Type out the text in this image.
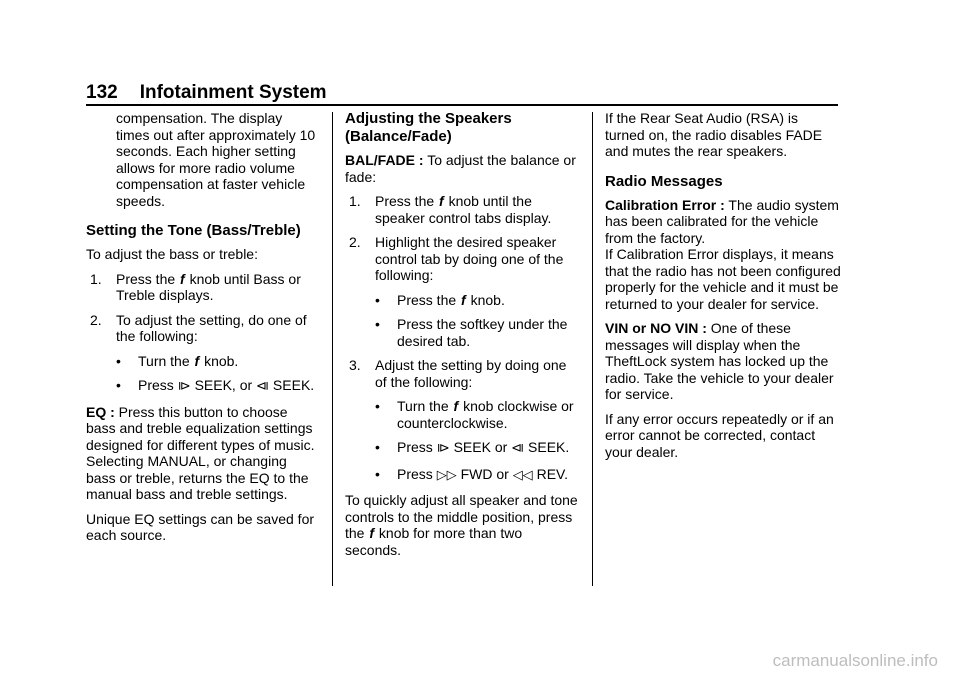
132 Infotainment System

compensation. The display times out after approximately 10 seconds. Each higher setting allows for more radio volume compensation at faster vehicle speeds.

Setting the Tone (Bass/Treble)

To adjust the bass or treble:

1. Press the f knob until Bass or Treble displays.
2. To adjust the setting, do one of the following:
• Turn the f knob.
• Press ⧐ SEEK, or ⧏ SEEK.

EQ : Press this button to choose bass and treble equalization settings designed for different types of music. Selecting MANUAL, or changing bass or treble, returns the EQ to the manual bass and treble settings.

Unique EQ settings can be saved for each source.

Adjusting the Speakers (Balance/Fade)

BAL/FADE : To adjust the balance or fade:

1. Press the f knob until the speaker control tabs display.
2. Highlight the desired speaker control tab by doing one of the following:
• Press the f knob.
• Press the softkey under the desired tab.
3. Adjust the setting by doing one of the following:
• Turn the f knob clockwise or counterclockwise.
• Press ⧐ SEEK or ⧏ SEEK.
• Press ▷▷ FWD or ◁◁ REV.

To quickly adjust all speaker and tone controls to the middle position, press the f knob for more than two seconds.

If the Rear Seat Audio (RSA) is turned on, the radio disables FADE and mutes the rear speakers.

Radio Messages

Calibration Error : The audio system has been calibrated for the vehicle from the factory.

If Calibration Error displays, it means that the radio has not been configured properly for the vehicle and it must be returned to your dealer for service.

VIN or NO VIN : One of these messages will display when the TheftLock system has locked up the radio. Take the vehicle to your dealer for service.

If any error occurs repeatedly or if an error cannot be corrected, contact your dealer.

carmanualsonline.info
